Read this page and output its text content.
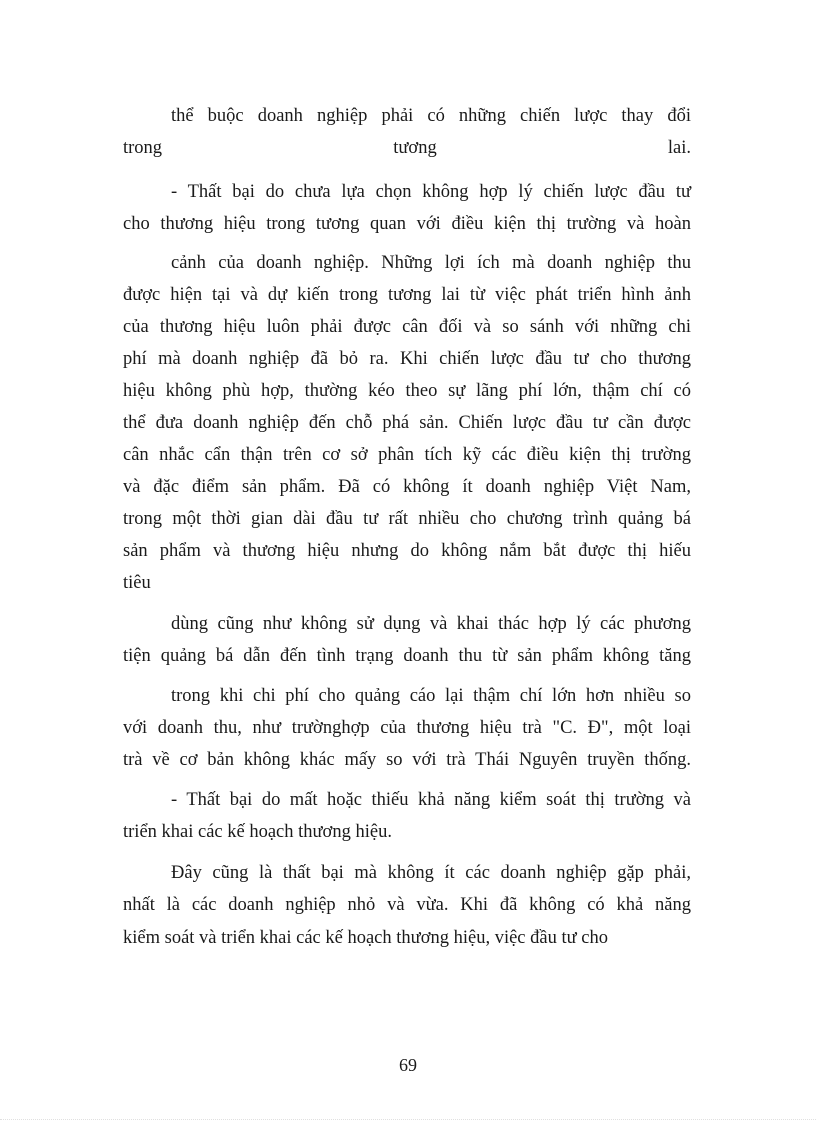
thể buộc doanh nghiệp phải có những chiến lược thay đổi
trong tương lai.
- Thất bại do chưa lựa chọn không hợp lý chiến lược đầu tư
cho thương hiệu trong tương quan với điều kiện thị trường và hoàn
cảnh của doanh nghiệp. Những lợi ích mà doanh nghiệp thu
được hiện tại và dự kiến trong tương lai từ việc phát triển hình ảnh
của thương hiệu luôn phải được cân đối và so sánh với những chi
phí mà doanh nghiệp đã bỏ ra. Khi chiến lược đầu tư cho thương
hiệu không phù hợp, thường kéo theo sự lãng phí lớn, thậm chí có
thể đưa doanh nghiệp đến chỗ phá sản. Chiến lược đầu tư cần được
cân nhắc cẩn thận trên cơ sở phân tích kỹ các điều kiện thị trường
và đặc điểm sản phẩm. Đã có không ít doanh nghiệp Việt Nam,
trong một thời gian dài đầu tư rất nhiều cho chương trình quảng bá
sản phẩm và thương hiệu nhưng do không nắm bắt được thị hiếu
tiêu
dùng cũng như không sử dụng và khai thác hợp lý các phương
tiện quảng bá dẫn đến tình trạng doanh thu từ sản phẩm không tăng
trong khi chi phí cho quảng cáo lại thậm chí lớn hơn nhiều so
với doanh thu, như trườnghợp của thương hiệu trà "C. Đ", một loại
trà về cơ bản không khác mấy so với trà Thái Nguyên truyền thống.
- Thất bại do mất hoặc thiếu khả năng kiểm soát thị trường và
triển khai các kế hoạch thương hiệu.
Đây cũng là thất bại mà không ít các doanh nghiệp gặp phải,
nhất là các doanh nghiệp nhỏ và vừa. Khi đã không có khả năng
kiểm soát và triển khai các kế hoạch thương hiệu, việc đầu tư cho
69
